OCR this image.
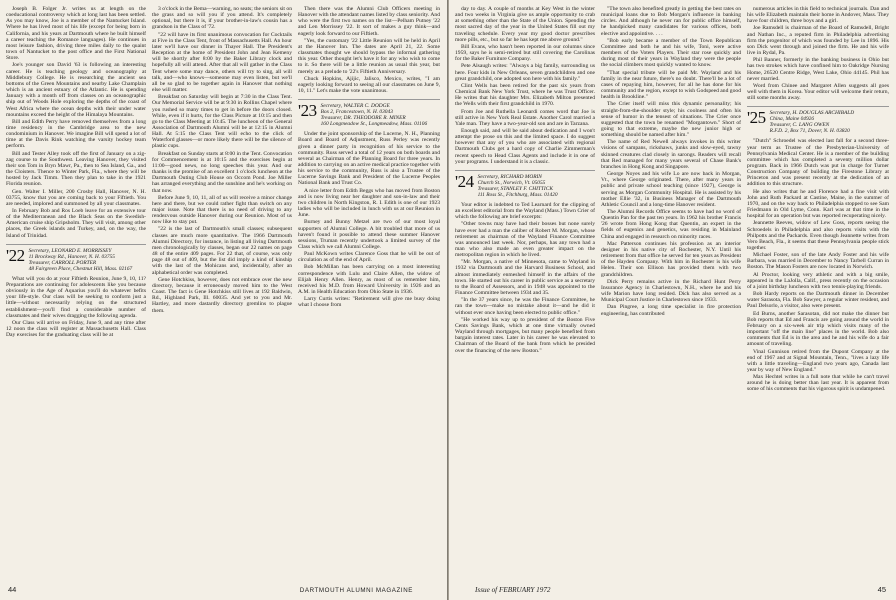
Joseph B. Folger Jr. writes us at length on the coeducational controversy which at long last has been settled. As you may know, Joe is a member of the Nantucket Island. Where he has lived most of his life (except for being born in California, and his years at Dartmouth where he built himself a career teaching the Romance languages). He continues in most leisure fashion, driving three miles daily to the quaint town of Nantucket to the post office and the First National Store.

Joe's younger son David '63 is following an interesting career. He is teaching geology and oceanography at Middlebury College. He is researching the ancient sea bottoms of the Green Mountains and nearby Lake Champlain which is an ancient estuary of the Atlantic. He is spending January with a month off from classes on an oceanographic ship out of Woods Hole exploring the depths of the coast of West Africa where the ocean depths with their under water mountains exceed the height of the Himalaya Mountains.

Bill and Edith Perry have removed themselves from a long time residency in the Cambridge area to the new condominium in Hanover. We imagine Bill will spend a lot of time at the Davis Rink watching the varsity hockey team perform.

Bill and Tester Alley took off the first of January on a zig-zag course to the Southwest. Leaving Hanover, they visited their son Tom in Bryn Mawr, Pa., then to Sea Island, Ga., and the Cloisters. Thence to Winter Park, Fla., where they will be hosted by Jack Timm. Then they plan to take in the 1921 Florida reunion.

Gen. Walter I. Miller, 200 Crosby Hall, Hanover, N. H. 03755, know that you are coming back to your Fiftieth. You are needed, implored and summoned by all your classmates.

In February Bob and Ros Loeb leave for an extensive tour of the Mediterranean and the Black Seas on the Swedish-American cruise ship Gripsholm. They will visit, among other places, the Greek islands and Turkey, and, on the way, the Island of Trinidad.

'22 Secretary, LEONARD E. MORRISSEY
11 Brockway Rd., Hanover, N. H. 03755
Treasurer, CARROLL PORTER
48 Fairgreen Place, Chestnut Hill, Mass. 02167

What will you do at your Fiftieth Reunion, June 9, 10, 11? Preparations are continuing for adolescents like you because obviously in the Age of Aquarius you'll do whatever befits your life-style. Our class will be seeking to conform just a little—without necessarily relying on the structured establishment—you'll find a considerable number of classmates and their wives dragging the following agenda.

Our Class will arrive on Friday, June 9, and any time after 12 noon the class will register at Massachusetts Hall. Class Day exercises for the graduating class will be at

3 o'clock in the Bema—warning, no seats; the seniors sit on the grass and so will you if you attend. It's completely optional, but there it is, if your brother-in-law's cousin has a grandson in the Class of '72.

"22 will have its first unanimous convocation for Cocktails at Five in the Class Tent, front of Massachusetts Hall. An hour later we'll have our dinner in Thayer Hall. The President's Reception at the home of President John and Jean Kemeny will be shortly after 8:00 by the Baker Library clock and hopefully all will attend. After that all will gather in the Class Tent where some may dance, others will try to sing, all will talk, and—who knows—someone may even listen, but we'll all be so glad to be together again in Hanover that nothing else will matter.

Breakfast on Saturday will begin at 7:30 in the Class Tent. Our Memorial Service will be at 9:30 in Rollins Chapel where you rushed so many times to get in before the doors closed. While, even if it hurts, for the Class Picture at 10:15 and then go to the Class Meeting at 10:45. The luncheon of the General Association of Dartmouth Alumni will be at 12:15 in Alumni Hall. At 5:15 the Class Tent will echo to the click of Waterford glasses—or more likely there will be the silence of plastic cups.

Breakfast on Sunday starts at 8:00 in the Tent. Convocation for Commencement is at 10:15 and the exercises begin at 11:00—good news, no long speeches this year. And our thanks is the promise of an excellent 1 o'clock luncheon at the Dartmouth Outing Club House on Occom Pond. Joe Miller has arranged everything and the sunshine and he's working on that now.

Before June 9, 10, 11, all of us will receive a minor change here and there, but we could rather fight than switch on any major issue. Note that there is no need of driving to any rendezvous outside Hanover during our Reunion. Most of us now like to stay put.

"22 is the last of Dartmouth's small classes; subsequent classes are much more quantitative. The 1966 Dartmouth Alumni Directory, for instance, in listing all living Dartmouth men chronologically by classes, began our 22 names on page 48 of the entire 409 pages. For 22 that, of course, was only page 48 out of 409, but the list did imply a kind of kinship with the last of the Mohicans and, incidentally, after an alphabetical order was completed.

Gene Hotchkiss, however, does not embrace over the new directory, because it erroneously moved him to the West Coast. The fact is Gene Hotchkiss still lives at 192 Baldwin, Rd., Highland Park, Ill. 60035. And yet to you and Mr. Hartley, and more dastardly directory gremlins to plague them.

Then there was the Alumni Club Officers meeting in Hanover with the attendant names listed by class seniority. And who were the first two names on the list—Pelham Putney '22 and Len Morrissey '22. It sort of makes a guy think—and eagerly look forward to our Fiftieth.

"Yes, the customary '22 Little Reunion will be held in April at the Hanover Inn. The dates are April 21, 22. Some classmates thought we should bypass the informal gathering this year. Other thought let's have it for any who wish to come to it. So there will be a little reunion as usual this year, but merely as a prelude to '22's Fiftieth Anniversary.

Chuck Hopkins, Ajijic, Jalisco, Mexico, writes, "I am eagerly looking forward to seeing all our classmates on June 9, 10, 11." Let's make the vote unanimous.

'23 Secretary, WALTER C. DODGE
Box 2, Francestown, N. H. 03043
Treasurer, DR. THEODORE R. MINER
160 Longmeadow St., Longmeadow, Mass. 01106

Under the joint sponsorship of the Lucerne, N. H., Planning Board and Board of Adjustment, Russ Perley was recently given a dinner party in recognition of his service to the community. Russ served a total of 12 years on both boards and several as Chairman of the Planning Board for three years. In addition to carrying on an active medical practice together with his service to the community, Russ is also a Trustee of the Lucerne Savings Bank and President of the Lucerne Peoples National Bank and Trust Co.

A nice letter from Edith Beggs who has moved from Boston and is now living near her daughter and son-in-law and their two children in North Kingston, R. I. Edith is one of our 1923 ladies who will be included in lunch with us at our Reunion in June.

Burney and Bunny Metzel are two of our most loyal supporters of Alumni College. A bit troubled that more of us haven't found it possible to attend these summer Hanover sessions, Truman recently undertook a limited survey of the Class which we call Alumni College.

Paul McKown writes Clarence Goss that he will be out of circulation as of the end of April.

Bob McMillan has been carrying on a most interesting correspondence with Lulu and Claire Allen, the widow of Elijah Henry Allen. Henry, as most of us remember him, received his M.D. from Howard University in 1926 and an A.M. in Health Education from Ohio State in 1936.

Larry Curtis writes: "Retirement will give me busy doing what I choose from

44	DARTMOUTH ALUMNI MAGAZINE

day to day. A couple of months at Key West in the winter and two weeks in Virginia give us ample opportunity to crab at something other than the State of the Union. Spending the most sacred day of the year in the United States fill out my traveling schedule. Every year my good doctor prescribes more pills, etc., but so far he has kept me above ground."

Bill Evans, who hasn't been reported in our columns since 1959, says he is semi-retired but still covering the Carolinas for the Baker Furniture Company.

Pete Alsaugh writes: "Always a big family, surrounding us here. Four kids in New Orleans, seven grandchildren and one great grandchild, one adopted son here with his family."

Clint Wells has been retired for the past six years from Chemical Bank New York Trust, where he was Trust Officer. He writes that his daughter Mrs. Elizabeth Milton presented the Wells with their first grandchild in 1970.

From Joe and Ruthella Leonardi comes word that Joe is still active in New York Real Estate. Another Carol married a Yale man. They have a two-year-old son and are in Tarzana.

Enough said, and will be said about dedication and I won't attempt the prose on this and the limited space. I do suggest however that any of you who are associated with regional Dartmouth Clubs get a hard copy of Charlie Zimmerman's recent speech to Head Class Agents and include it in one of your programs. I understand it is a classic.

'24 Secretary, RICHARD MORIN
Church St., Norwich, Vt. 05055
Treasurer, STANLEY F. CHITTICK
111 Ross St., Fitchburg, Mass. 01420

Your editor is indebted to Ted Learnard for the clipping of an excellent editorial from the Wayland (Mass.) Town Crier of which the following are brief excerpts:

"Other towns may have had their bosses but none surely have ever had a man the caliber of Robert M. Morgan, whose retirement as chairman of the Wayland Finance Committee was announced last week. Nor, perhaps, has any town had a man who also made an even greater impact on the metropolitan region in which he lived.

"Mr. Morgan, a native of Minnesota, came to Wayland in 1932 via Dartmouth and the Harvard Business School, and almost immediately enmeshed himself in the affairs of the town. He started out his career in public service as a secretary to the Board of Assessors, and in 1948 was appointed to the Finance Committee between 1934 and 35.

"In the 37 years since, he was the Finance Committee, he ran the town—make no mistake about it—and he did it without ever once having been elected to public office."

"He worked his way up to president of the Boston Five Cents Savings Bank, which at one time virtually owned Wayland through mortgages, but many people benefited from bargain interest rates. Later in his career he was elevated to Chairman of the Board of the bank from which he presided over the financing of the new Boston."

"The town also benefited greatly in getting the best rates on municipal loans due to Bob Morgan's influence in banking circles. And although he never ran for public office himself, he handpicked many candidates for various offices, both elective and appointive. . . .

"Bob early became a member of the Town Republican Committee and both he and his wife, Toni, were active members of the Voters Players. Their star rose quickly and during most of their years in Wayland they were the people the social climbers most quickly wanted to know.

"That special tribute will be paid Mr. Wayland and his family in the near future, there's no doubt. There'll be a lot of cases of repaying him, however, for all he has done for his community and the region, except to wish Godspeed and good health in Brookline."

The Crier itself will miss this dynamic personality; his straight-from-the-shoulder style; his coolness and often his sense of humor in the tensest of situations. The Crier once suggested that the town be renamed "Morgantown." Short of going to that extreme, maybe the new junior high or something should be named after him."

The name of Red Newell always invokes in this writer visions of sampans, rickshaws, junks and slow-eyed, tawny skinned creatures clad closely in sarongs. Readers will recall that Red managed for many years several of Chase Bank's branches in Hong Kong and Singapore.

George Noyes and his wife Lo are now back in Morgan, Vt., where George originated. There, after many years in public and private school teaching (since 1927), George is serving as Morgan Community Hospital. He is assisted by his mother Ellie '32, in Business Manager of the Dartmouth Athletic Council and a long-time Hanover resident.

The Alumni Records Office seems to have had no word of Quentin Pan for the past ten years. In 1962 his brother Francis '26 wrote from Hong Kong that Quentin, an expert in the fields of eugenics and genetics, was residing in Mainland China and engaged in research on minority races.

Mac Patterson continues his profession as an interior designer in his native city of Rochester, N.Y. Until his retirement from that office he served for ten years as President of the Hayden Company. With him in Rochester is his wife Helen. Their son Ellison has provided them with two grandchildren.

Dick Perry remains active in the Richard Hunt Perry Insurance Agency in Charlestown, N.H., where he and his wife Marion have long resided. Dick has also served as a Municipal Court Justice in Charlestown since 1933.

Dan Pingree, a long time specialist in fire protection engineering, has contributed

numerous articles in this field to technical journals. Dan and his wife Elizabeth maintain their home in Andover, Mass. They have four children, three boys and a girl.

Joe Ramsdell is chairman of the Board of Ramsdell, Bright and Nathan Inc., a reputed firm in Philadelphia advertising firm the progenitor of which was founded by Lee in 1896. His son Dick went through and joined the firm. He and his wife live in Rydal, Pa.

Phil Banner, formerly in the banking business in Ohio but has two strokes which have confined him to Oakridge Nursing Home, 26520 Centre Ridge, West Lake, Ohio 44145. Phil has never married.

Word from Chinee and Margaret Allen suggests all goes well with them in Korea. Your editor will welcome their return, still some months away.

'25 Secretary, H. DOUGLAS ARCHIBALD
China, Maine 04926
Treasurer, C. LANG OWEN
R.F.D. 2, Box 71, Dover, N. H. 03820

"Dutch" Schroedel was elected last fall for a second three-year term as Trustee of the Presbyterian-University of Pennsylvania Medical Center. He is a member of the building committee which has completed a seventy million dollar program. Back in 1966 Dutch was put in charge for Turner Construction Company of building the Firestone Library at Princeton and was present recently at the dedication of an addition to this structure.

He also writes that he and Florence had a fine visit with John and Ruth Packard at Castine, Maine, in the summer of 1970, and on the way back to Philadelphia stopped to see Sam Friedmann in Old Lyme, Conn. Karl was at that time in the hospital for an operation but was reported recuperating nicely.

Jeannette Reeves, widow of Lew Goss, reports seeing the Schroedels in Philadelphia and also reports visits with the Philpotts and the Packards. Even though Jeannette writes from Vero Beach, Fla., it seems that these Pennsylvania people stick together.

Michael Foster, son of the late Andy Foster and his wife Barbara, was married in December to Nancy Tarbell Curran in Boston. The Mason Fosters are now located in Norwich.

Al Proctor, looking very athletic and with a big smile, appeared in the LaJolla, Calif., press recently on the occasion of a joint birthday luncheon with two tennis-playing friends.

Bob Hardy reports on the Dartmouth dinner in December water Sarasota, Fla. Bob Sawyer, a regular winter resident, and Paul Delsorlo, a visitor, also were present.

Ed Burns, another Sarasotan, did not make the dinner but Bob reports that Ed and Francis are going around the world in February on a six-week air trip which visits many of the important "off the main line" places in the world. Bob also comments that Ed is in the area and he and his wife do a fair amount of traveling.

Vinal Gunnison retired from the Dupont Company at the end of 1967 and at Signal Mountain, Tenn., "lives a lazy life with a little traveling—England two years ago, Canada last year by way of New England."

Max Hechtel writes in a full note that while he can't travel around he is doing better than last year. It is apparent from some of his comments that his vigorous spirit is undampened.

Issue of FEBRUARY 1972	45
